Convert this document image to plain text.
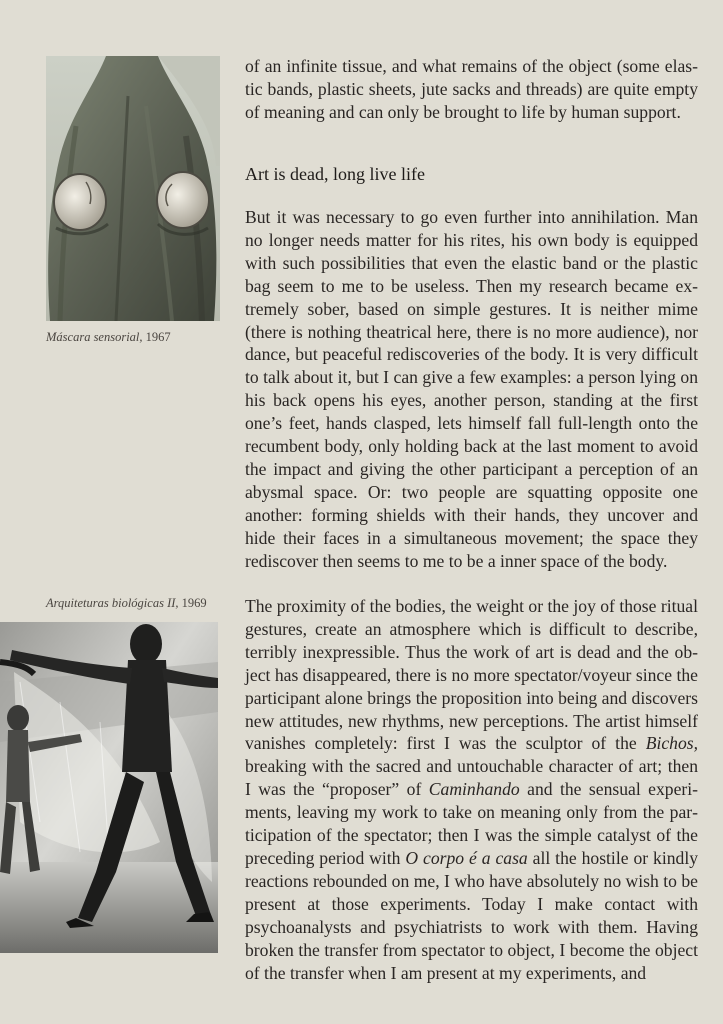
Máscara sensorial, 1967
Arquiteturas biológicas II, 1969

of an infinite tissue, and what remains of the object (some elastic bands, plastic sheets, jute sacks and threads) are quite empty of meaning and can only be brought to life by human support.

Art is dead, long live life

But it was necessary to go even further into annihilation. Man no longer needs matter for his rites, his own body is equipped with such possibilities that even the elastic band or the plastic bag seem to me to be useless. Then my research became extremely sober, based on simple gestures. It is neither mime (there is nothing theatrical here, there is no more audience), nor dance, but peaceful rediscoveries of the body. It is very difficult to talk about it, but I can give a few examples: a person lying on his back opens his eyes, another person, standing at the first one’s feet, hands clasped, lets himself fall full-length onto the recumbent body, only holding back at the last moment to avoid the impact and giving the other participant a perception of an abysmal space. Or: two people are squatting opposite one another: forming shields with their hands, they uncover and hide their faces in a simultaneous movement; the space they rediscover then seems to me to be a inner space of the body.

The proximity of the bodies, the weight or the joy of those ritual gestures, create an atmosphere which is difficult to describe, terribly inexpressible. Thus the work of art is dead and the object has disappeared, there is no more spectator/voyeur since the participant alone brings the proposition into being and discovers new attitudes, new rhythms, new perceptions. The artist himself vanishes completely: first I was the sculptor of the Bichos, breaking with the sacred and untouchable character of art; then I was the “proposer” of Caminhando and the sensual experiments, leaving my work to take on meaning only from the participation of the spectator; then I was the simple catalyst of the preceding period with O corpo é a casa all the hostile or kindly reactions rebounded on me, I who have absolutely no wish to be present at those experiments. Today I make contact with psychoanalysts and psychiatrists to work with them. Having broken the transfer from spectator to object, I become the object of the transfer when I am present at my experiments, and
